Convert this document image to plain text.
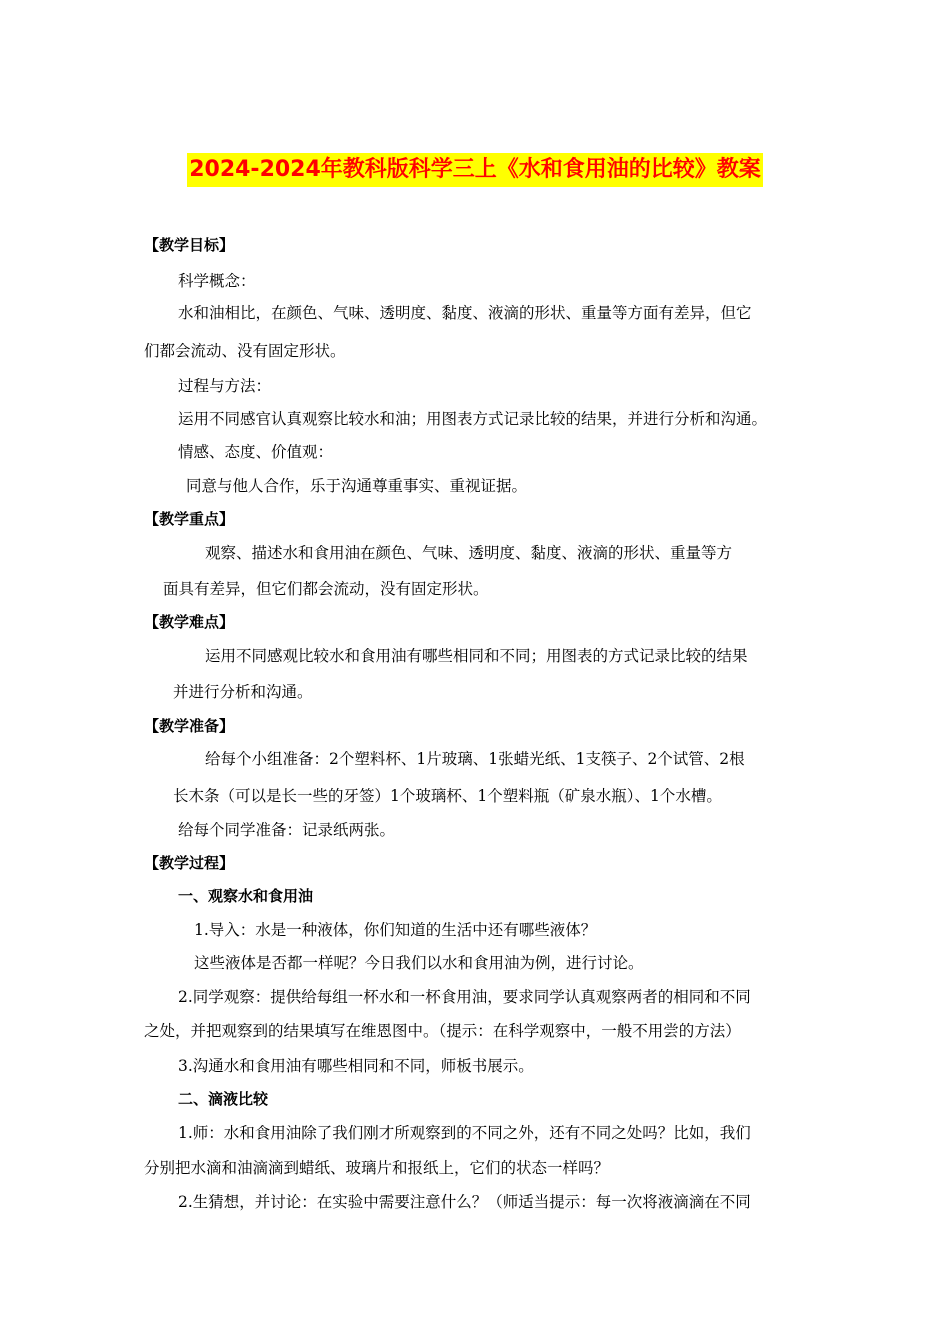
2024-2024年教科版科学三上《水和食用油的比较》教案
【教学目标】
科学概念：
水和油相比，在颜色、气味、透明度、黏度、液滴的形状、重量等方面有差异，但它
们都会流动、没有固定形状。
过程与方法：
运用不同感官认真观察比较水和油；用图表方式记录比较的结果，并进行分析和沟通。
情感、态度、价值观：
同意与他人合作，乐于沟通尊重事实、重视证据。
【教学重点】
观察、描述水和食用油在颜色、气味、透明度、黏度、液滴的形状、重量等方
面具有差异，但它们都会流动，没有固定形状。
【教学难点】
运用不同感观比较水和食用油有哪些相同和不同；用图表的方式记录比较的结果
并进行分析和沟通。
【教学准备】
给每个小组准备：2个塑料杯、1片玻璃、1张蜡光纸、1支筷子、2个试管、2根
长木条（可以是长一些的牙签）1个玻璃杯、1个塑料瓶（矿泉水瓶）、1个水槽。
给每个同学准备：记录纸两张。
【教学过程】
一、观察水和食用油
1.导入：水是一种液体，你们知道的生活中还有哪些液体？
这些液体是否都一样呢？今日我们以水和食用油为例，进行讨论。
2.同学观察：提供给每组一杯水和一杯食用油，要求同学认真观察两者的相同和不同
之处，并把观察到的结果填写在维恩图中。（提示：在科学观察中，一般不用尝的方法）
3.沟通水和食用油有哪些相同和不同，师板书展示。
二、滴液比较
1.师：水和食用油除了我们刚才所观察到的不同之外，还有不同之处吗？比如，我们
分别把水滴和油滴滴到蜡纸、玻璃片和报纸上，它们的状态一样吗？
2.生猜想，并讨论：在实验中需要注意什么？（师适当提示：每一次将液滴滴在不同
